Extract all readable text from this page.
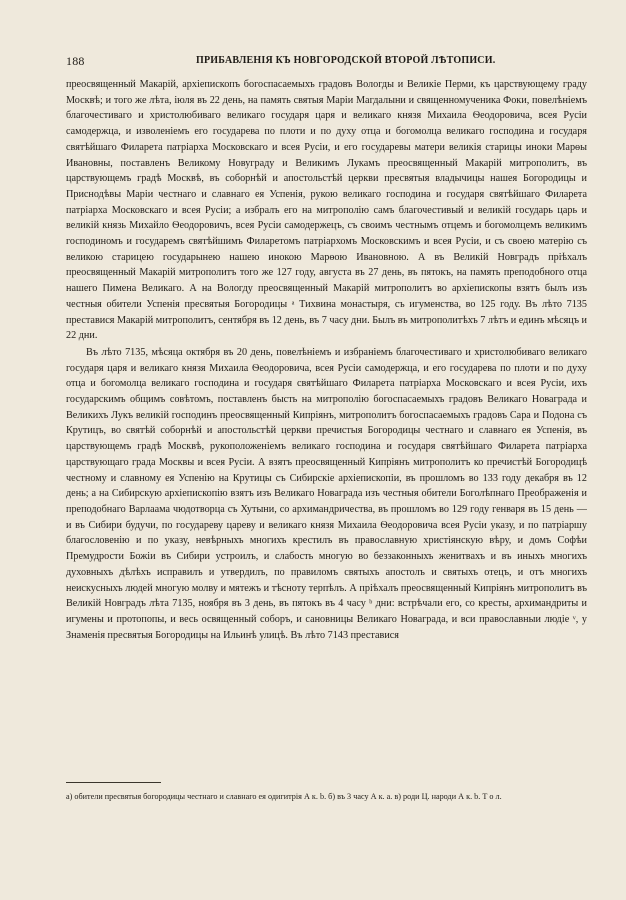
188	ПРИБАВЛЕНІЯ КЪ НОВГОРОДСКОЙ ВТОРОЙ ЛѢТОПИСИ.

преосвященный Макарій, архіепископъ богоспасаемыхъ градовъ Вологды и Великіе Перми, къ царствующему граду Москвѣ; и того же лѣта, іюля въ 22 день, на память святыя Маріи Магдалыни и священномученика Фоки, повелѣніемъ благочестиваго и христолюбиваго великаго государя царя и великаго князя Михаила Ѳеодоровича, всея Русіи самодержца, и изволеніемъ его государева по плоти и по духу отца и богомолца великаго господина и государя святѣйшаго Филарета патріарха Московскаго и всея Русіи, и его государевы матери великія старицы иноки Марѳы Ивановны, поставленъ Великому Новуграду и Великимъ Лукамъ преосвященный Макарій митрополитъ, въ царствующемъ градѣ Москвѣ, въ соборнѣй и апостольстѣй церкви пресвятыя владычицы нашея Богородицы и Приснодѣвы Маріи честнаго и славнаго ея Успенія, рукою великаго господина и государя святѣйшаго Филарета патріарха Московскаго и всея Русіи; а избралъ его на митрополію самъ благочестивый и великій государь царь и великій князь Михайло Ѳеодоровичъ, всея Русіи самодержецъ, съ своимъ честнымъ отцемъ и богомолцемъ великимъ господиномъ и государемъ святѣйшимъ Филаретомъ патріархомъ Московскимъ и всея Русіи, и съ своею матерію съ великою старицею государынею нашею инокою Марѳою Ивановною. А въ Великій Новградъ пріѣхалъ преосвященный Макарій митрополитъ того же 127 году, августа въ 27 день, въ пятокъ, на память преподобного отца нашего Пимена Великаго. А на Вологду преосвященный Макарій митрополитъ во архіепископы взятъ былъ изъ честныя обители Успенія пресвятыя Богородицы ᵃ Тихвина монастыря, съ игуменства, во 125 году. Въ лѣто 7135 преставися Макарій митрополитъ, сентября въ 12 день, въ 7 часу дни. Былъ въ митрополитѣхъ 7 лѣтъ и единъ мѣсяцъ и 22 дни.

Въ лѣто 7135, мѣсяца октября въ 20 день, повелѣніемъ и избраніемъ благочестиваго и христолюбиваго великаго государя царя и великаго князя Михаила Ѳеодоровича, всея Русіи самодержца, и его государева по плоти и по духу отца и богомолца великаго господина и государя святѣйшаго Филарета патріарха Московскаго и всея Русіи, ихъ государскимъ общимъ совѣтомъ, поставленъ бысть на митрополію богоспасаемыхъ градовъ Великаго Новаграда и Великихъ Лукъ великій господинъ преосвященный Кипріянъ, митрополитъ богоспасаемыхъ градовъ Сара и Подона съ Крутицъ, во святѣй соборнѣй и апостольстѣй церкви пречистыя Богородицы честнаго и славнаго ея Успенія, въ царствующемъ градѣ Москвѣ, рукоположеніемъ великаго господина и государя святѣйшаго Филарета патріарха царствующаго града Москвы и всея Русіи. А взятъ преосвященный Кипріянъ митрополитъ ко пречистѣй Богородицѣ честному и славному ея Успенію на Крутицы съ Сибирскіе архіепископіи, въ прошломъ во 133 году декабря въ 12 день; а на Сибирскую архіепископію взятъ изъ Великаго Новаграда изъ честныя обители Боголѣпнаго Преображенія и преподобнаго Варлаама чюдотворца съ Хутыни, со архимандричества, въ прошломъ во 129 году генваря въ 15 день — и въ Сибири будучи, по государеву цареву и великаго князя Михаила Ѳеодоровича всея Русіи указу, и по патріаршу благословенію и по указу, невѣрныхъ многихъ крестилъ въ православную христіянскую вѣру, и домъ Софѣи Премудрости Божіи въ Сибири устроилъ, и слабость многую во беззаконныхъ женитвахъ и въ иныхъ многихъ духовныхъ дѣлѣхъ исправилъ и утвердилъ, по правиломъ святыхъ апостолъ и святыхъ отецъ, и отъ многихъ неискусныхъ людей многую молву и мятежъ и тѣсноту терпѣлъ. А пріѣхалъ преосвященный Кипріянъ митрополитъ въ Великій Новградъ лѣта 7135, ноября въ 3 день, въ пятокъ въ 4 часу ᵇ дни: встрѣчали его, со кресты, архимандриты и игумены и протопопы, и весь освященный соборъ, и сановницы Великаго Новаграда, и вси православныи людіе ᵛ, у Знаменія пресвятыя Богородицы на Ильинѣ улицѣ. Въ лѣто 7143 преставися

а) обители пресвятыя богородицы честнаго и славнаго ея одигитрія А к. b. б) въ 3 часу А к. а. в) роди Ц. народи А к. b. Т о л.
